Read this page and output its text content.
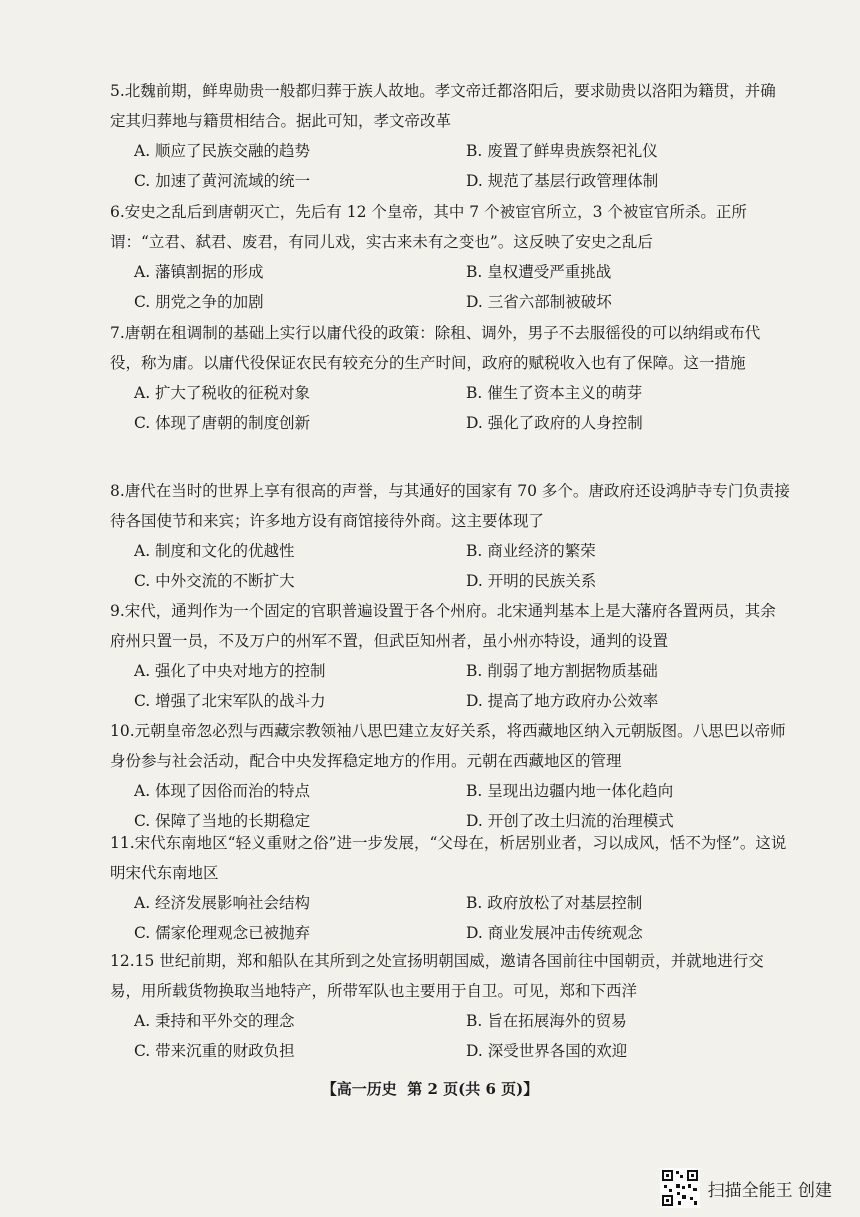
5.北魏前期，鲜卑勋贵一般都归葬于族人故地。孝文帝迁都洛阳后，要求勋贵以洛阳为籍贯，并确定其归葬地与籍贯相结合。据此可知，孝文帝改革

A. 顺应了民族交融的趋势	B. 废置了鲜卑贵族祭祀礼仪
C. 加速了黄河流域的统一	D. 规范了基层行政管理体制

6.安史之乱后到唐朝灭亡，先后有 12 个皇帝，其中 7 个被宦官所立，3 个被宦官所杀。正所谓：“立君、弑君、废君，有同儿戏，实古来未有之变也”。这反映了安史之乱后

A. 藩镇割据的形成	B. 皇权遭受严重挑战
C. 朋党之争的加剧	D. 三省六部制被破坏

7.唐朝在租调制的基础上实行以庸代役的政策：除租、调外，男子不去服徭役的可以纳绢或布代役，称为庸。以庸代役保证农民有较充分的生产时间，政府的赋税收入也有了保障。这一措施

A. 扩大了税收的征税对象	B. 催生了资本主义的萌芽
C. 体现了唐朝的制度创新	D. 强化了政府的人身控制

8.唐代在当时的世界上享有很高的声誉，与其通好的国家有 70 多个。唐政府还设鸿胪寺专门负责接待各国使节和来宾；许多地方设有商馆接待外商。这主要体现了

A. 制度和文化的优越性	B. 商业经济的繁荣
C. 中外交流的不断扩大	D. 开明的民族关系

9.宋代，通判作为一个固定的官职普遍设置于各个州府。北宋通判基本上是大藩府各置两员，其余府州只置一员，不及万户的州军不置，但武臣知州者，虽小州亦特设，通判的设置

A. 强化了中央对地方的控制	B. 削弱了地方割据物质基础
C. 增强了北宋军队的战斗力	D. 提高了地方政府办公效率

10.元朝皇帝忽必烈与西藏宗教领袖八思巴建立友好关系，将西藏地区纳入元朝版图。八思巴以帝师身份参与社会活动，配合中央发挥稳定地方的作用。元朝在西藏地区的管理

A. 体现了因俗而治的特点	B. 呈现出边疆内地一体化趋向
C. 保障了当地的长期稳定	D. 开创了改土归流的治理模式

11.宋代东南地区“轻义重财之俗”进一步发展，“父母在，析居别业者，习以成风，恬不为怪”。这说明宋代东南地区

A. 经济发展影响社会结构	B. 政府放松了对基层控制
C. 儒家伦理观念已被抛弃	D. 商业发展冲击传统观念

12.15 世纪前期，郑和船队在其所到之处宣扬明朝国威，邀请各国前往中国朝贡，并就地进行交易，用所载货物换取当地特产，所带军队也主要用于自卫。可见，郑和下西洋

A. 秉持和平外交的理念	B. 旨在拓展海外的贸易
C. 带来沉重的财政负担	D. 深受世界各国的欢迎
【高一历史 第 2 页(共 6 页)】
扫描全能王 创建
